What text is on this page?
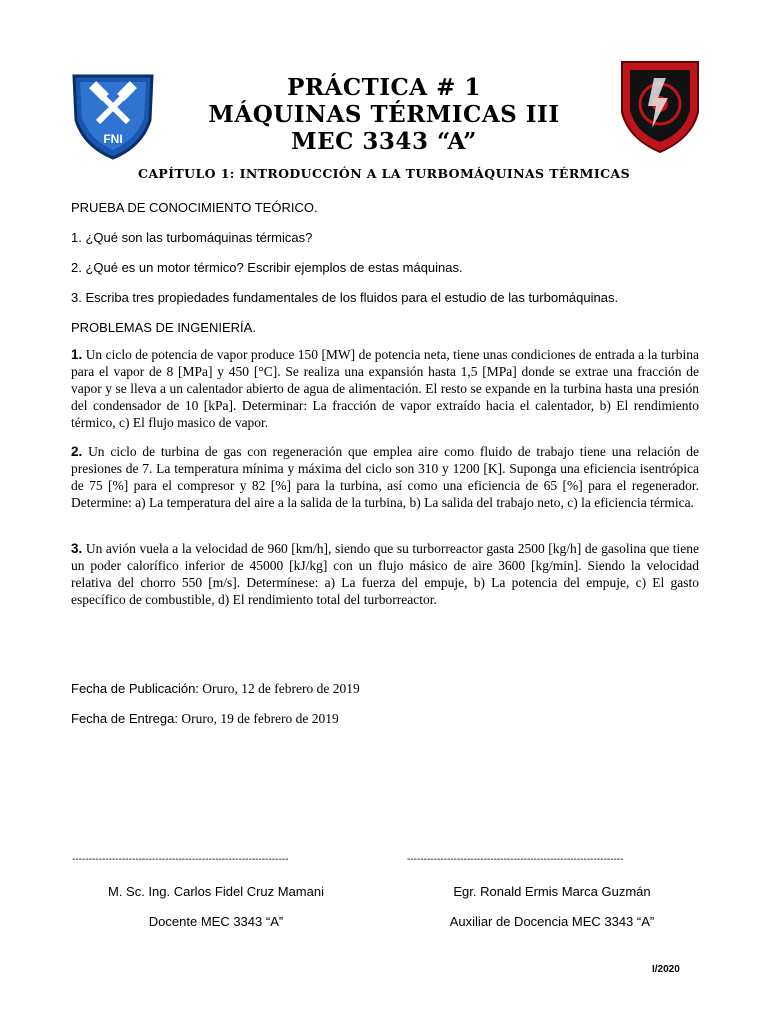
FNI
PRÁCTICA # 1
MÁQUINAS TÉRMICAS III
MEC 3343 “A”
CAPÍTULO 1: INTRODUCCIÓN A LA TURBOMÁQUINAS TÉRMICAS
PRUEBA DE CONOCIMIENTO TEÓRICO.
1. ¿Qué son las turbomáquinas térmicas?
2. ¿Qué es un motor térmico? Escribir ejemplos de estas máquinas.
3. Escriba tres propiedades fundamentales de los fluidos para el estudio de las turbomáquinas.
PROBLEMAS DE INGENIERÍA.
1. Un ciclo de potencia de vapor produce 150 [MW] de potencia neta, tiene unas condiciones de entrada a la turbina para el vapor de 8 [MPa] y 450 [°C]. Se realiza una expansión hasta 1,5 [MPa] donde se extrae una fracción de vapor y se lleva a un calentador abierto de agua de alimentación. El resto se expande en la turbina hasta una presión del condensador de 10 [kPa]. Determinar: La fracción de vapor extraído hacia el calentador, b) El rendimiento térmico, c) El flujo masico de vapor.
2. Un ciclo de turbina de gas con regeneración que emplea aire como fluido de trabajo tiene una relación de presiones de 7. La temperatura mínima y máxima del ciclo son 310 y 1200 [K]. Suponga una eficiencia isentrópica de 75 [%] para el compresor y 82 [%] para la turbina, así como una eficiencia de 65 [%] para el regenerador. Determine: a) La temperatura del aire a la salida de la turbina, b) La salida del trabajo neto, c) la eficiencia térmica.
3. Un avión vuela a la velocidad de 960 [km/h], siendo que su turborreactor gasta 2500 [kg/h] de gasolina que tiene un poder calorífico inferior de 45000 [kJ/kg] con un flujo másico de aire 3600 [kg/min]. Siendo la velocidad relativa del chorro 550 [m/s]. Determínese: a) La fuerza del empuje, b) La potencia del empuje, c) El gasto específico de combustible, d) El rendimiento total del turborreactor.
Fecha de Publicación: Oruro, 12 de febrero de 2019
Fecha de Entrega: Oruro, 19 de febrero de 2019
-----------------------------------------------------------------	-----------------------------------------------------------------
M. Sc. Ing. Carlos Fidel Cruz Mamani
Docente MEC 3343 “A”
Egr. Ronald Ermis Marca Guzmán
Auxiliar de Docencia MEC 3343 “A”
I/2020
